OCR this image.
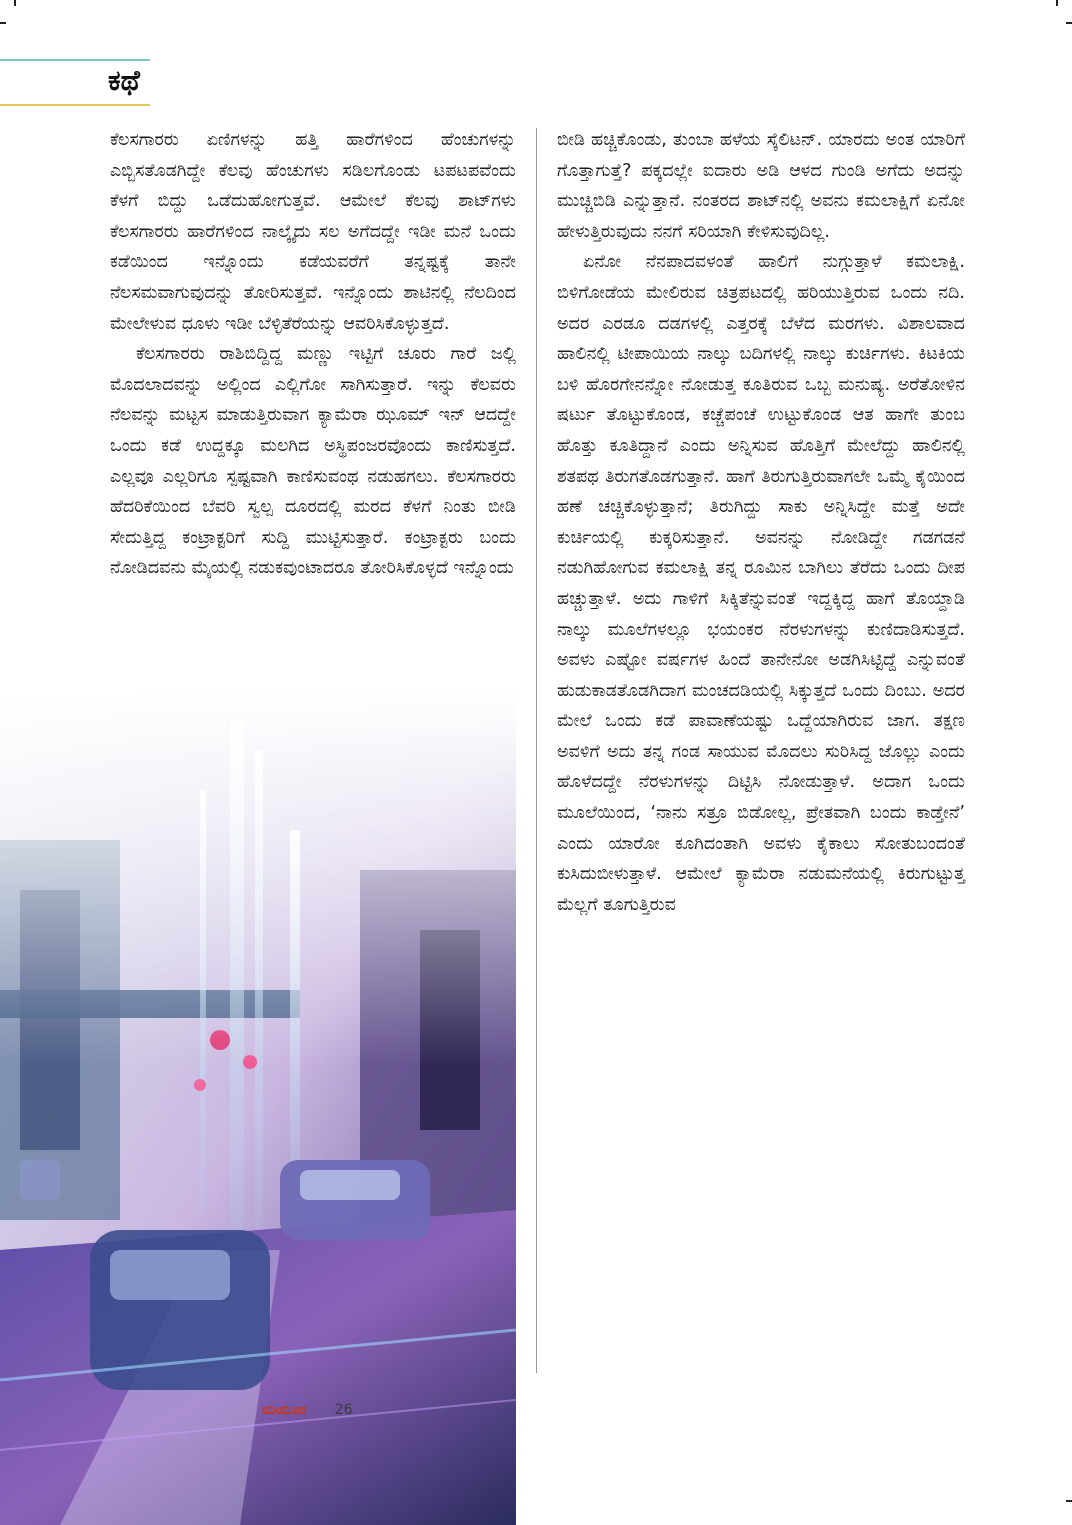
ಕಥೆ

ಕೆಲಸಗಾರರು ಏಣಿಗಳನ್ನು ಹತ್ತಿ ಹಾರೆಗಳಿಂದ ಹೆಂಚುಗಳನ್ನು ಎಬ್ಬಿಸತೊಡಗಿದ್ದೇ ಕೆಲವು ಹೆಂಚುಗಳು ಸಡಿಲಗೊಂಡು ಟಪಟಪವೆಂದು ಕೆಳಗೆ ಬಿದ್ದು ಒಡೆದುಹೋಗುತ್ತವೆ. ಆಮೇಲೆ ಕೆಲವು ಶಾಟ್‌ಗಳು ಕೆಲಸಗಾರರು ಹಾರೆಗಳಿಂದ ನಾಲ್ಕೈದು ಸಲ ಅಗೆದದ್ದೇ ಇಡೀ ಮನೆ ಒಂದು ಕಡೆಯಿಂದ ಇನ್ನೊಂದು ಕಡೆಯವರೆಗೆ ತನ್ನಷ್ಟಕ್ಕೆ ತಾನೇ ನೆಲಸಮವಾಗುವುದನ್ನು ತೋರಿಸುತ್ತವೆ. ಇನ್ನೊಂದು ಶಾಟಿನಲ್ಲಿ ನೆಲದಿಂದ ಮೇಲೇಳುವ ಧೂಳು ಇಡೀ ಬೆಳ್ಳಿತೆರೆಯನ್ನು ಆವರಿಸಿಕೊಳ್ಳುತ್ತದೆ.

ಕೆಲಸಗಾರರು ರಾಶಿಬಿದ್ದಿದ್ದ ಮಣ್ಣು ಇಟ್ಟಿಗೆ ಚೂರು ಗಾರೆ ಜಲ್ಲಿ ಮೊದಲಾದವನ್ನು ಅಲ್ಲಿಂದ ಎಲ್ಲಿಗೋ ಸಾಗಿಸುತ್ತಾರೆ. ಇನ್ನು ಕೆಲವರು ನೆಲವನ್ನು ಮಟ್ಟಸ ಮಾಡುತ್ತಿರುವಾಗ ಕ್ಯಾಮೆರಾ ಝೂಮ್ ಇನ್ ಆದದ್ದೇ ಒಂದು ಕಡೆ ಉದ್ದಕ್ಕೂ ಮಲಗಿದ ಅಸ್ಥಿಪಂಜರವೊಂದು ಕಾಣಿಸುತ್ತದೆ. ಎಲ್ಲವೂ ಎಲ್ಲರಿಗೂ ಸ್ಪಷ್ಟವಾಗಿ ಕಾಣಿಸುವಂಥ ನಡುಹಗಲು. ಕೆಲಸಗಾರರು ಹೆದರಿಕೆಯಿಂದ ಬೆವರಿ ಸ್ವಲ್ಪ ದೂರದಲ್ಲಿ ಮರದ ಕೆಳಗೆ ನಿಂತು ಬೀಡಿ ಸೇದುತ್ತಿದ್ದ ಕಂಟ್ರಾಕ್ಟರಿಗೆ ಸುದ್ದಿ ಮುಟ್ಟಿಸುತ್ತಾರೆ. ಕಂಟ್ರಾಕ್ಟರು ಬಂದು ನೋಡಿದವನು ಮೈಯಲ್ಲಿ ನಡುಕವುಂಟಾದರೂ ತೋರಿಸಿಕೊಳ್ಳದೆ ಇನ್ನೊಂದು

ಬೀಡಿ ಹಚ್ಚಿಕೊಂಡು, ತುಂಬಾ ಹಳೆಯ ಸ್ಕೆಲಿಟನ್. ಯಾರದು ಅಂತ ಯಾರಿಗೆ ಗೊತ್ತಾಗುತ್ತೆ? ಪಕ್ಕದಲ್ಲೇ ಐದಾರು ಅಡಿ ಆಳದ ಗುಂಡಿ ಅಗೆದು ಅದನ್ನು ಮುಚ್ಚಿಬಿಡಿ ಎನ್ನುತ್ತಾನೆ. ನಂತರದ ಶಾಟ್‌ನಲ್ಲಿ ಅವನು ಕಮಲಾಕ್ಷಿಗೆ ಏನೋ ಹೇಳುತ್ತಿರುವುದು ನನಗೆ ಸರಿಯಾಗಿ ಕೇಳಿಸುವುದಿಲ್ಲ.

ಏನೋ ನೆನಪಾದವಳಂತೆ ಹಾಲಿಗೆ ನುಗ್ಗುತ್ತಾಳೆ ಕಮಲಾಕ್ಷಿ. ಬಿಳಿಗೋಡೆಯ ಮೇಲಿರುವ ಚಿತ್ರಪಟದಲ್ಲಿ ಹರಿಯುತ್ತಿರುವ ಒಂದು ನದಿ. ಅದರ ಎರಡೂ ದಡಗಳಲ್ಲಿ ಎತ್ತರಕ್ಕೆ ಬೆಳೆದ ಮರಗಳು. ವಿಶಾಲವಾದ ಹಾಲಿನಲ್ಲಿ ಟೀಪಾಯಿಯ ನಾಲ್ಕು ಬದಿಗಳಲ್ಲಿ ನಾಲ್ಕು ಕುರ್ಚಿಗಳು. ಕಿಟಕಿಯ ಬಳಿ ಹೊರಗೇನನ್ನೋ ನೋಡುತ್ತ ಕೂತಿರುವ ಒಬ್ಬ ಮನುಷ್ಯ. ಅರೆತೋಳಿನ ಷರ್ಟು ತೊಟ್ಟುಕೊಂಡ, ಕಚ್ಚೆಪಂಚೆ ಉಟ್ಟುಕೊಂಡ ಆತ ಹಾಗೇ ತುಂಬ ಹೊತ್ತು ಕೂತಿದ್ದಾನೆ ಎಂದು ಅನ್ನಿಸುವ ಹೊತ್ತಿಗೆ ಮೇಲೆದ್ದು ಹಾಲಿನಲ್ಲಿ ಶತಪಥ ತಿರುಗತೊಡಗುತ್ತಾನೆ. ಹಾಗೆ ತಿರುಗುತ್ತಿರುವಾಗಲೇ ಒಮ್ಮೆ ಕೈಯಿಂದ ಹಣೆ ಚಚ್ಚಿಕೊಳ್ಳುತ್ತಾನೆ; ತಿರುಗಿದ್ದು ಸಾಕು ಅನ್ನಿಸಿದ್ದೇ ಮತ್ತೆ ಅದೇ ಕುರ್ಚಿಯಲ್ಲಿ ಕುಕ್ಕರಿಸುತ್ತಾನೆ. ಅವನನ್ನು ನೋಡಿದ್ದೇ ಗಡಗಡನೆ ನಡುಗಿಹೋಗುವ ಕಮಲಾಕ್ಷಿ ತನ್ನ ರೂಮಿನ ಬಾಗಿಲು ತೆರೆದು ಒಂದು ದೀಪ ಹಚ್ಚುತ್ತಾಳೆ. ಅದು ಗಾಳಿಗೆ ಸಿಕ್ಕಿತೆನ್ನುವಂತೆ ಇದ್ದಕ್ಕಿದ್ದ ಹಾಗೆ ತೊಯ್ದಾಡಿ ನಾಲ್ಕು ಮೂಲೆಗಳಲ್ಲೂ ಭಯಂಕರ ನೆರಳುಗಳನ್ನು ಕುಣಿದಾಡಿಸುತ್ತದೆ. ಅವಳು ಎಷ್ಟೋ ವರ್ಷಗಳ ಹಿಂದೆ ತಾನೇನೋ ಅಡಗಿಸಿಟ್ಟಿದ್ದೆ ಎನ್ನುವಂತೆ ಹುಡುಕಾಡತೊಡಗಿದಾಗ ಮಂಚದಡಿಯಲ್ಲಿ ಸಿಕ್ಕುತ್ತದೆ ಒಂದು ದಿಂಬು. ಅದರ ಮೇಲೆ ಒಂದು ಕಡೆ ಪಾವಾಣೆಯಷ್ಟು ಒದ್ದೆಯಾಗಿರುವ ಜಾಗ. ತಕ್ಷಣ ಅವಳಿಗೆ ಅದು ತನ್ನ ಗಂಡ ಸಾಯುವ ಮೊದಲು ಸುರಿಸಿದ್ದ ಜೊಲ್ಲು ಎಂದು ಹೊಳೆದದ್ದೇ ನೆರಳುಗಳನ್ನು ದಿಟ್ಟಿಸಿ ನೋಡುತ್ತಾಳೆ. ಅದಾಗ ಒಂದು ಮೂಲೆಯಿಂದ, ‘ನಾನು ಸತ್ರೂ ಬಿಡೋಲ್ಲ, ಪ್ರೇತವಾಗಿ ಬಂದು ಕಾಡ್ತೇನೆ’ ಎಂದು ಯಾರೋ ಕೂಗಿದಂತಾಗಿ ಅವಳು ಕೈಕಾಲು ಸೋತುಬಂದಂತೆ ಕುಸಿದುಬೀಳುತ್ತಾಳೆ. ಆಮೇಲೆ ಕ್ಯಾಮೆರಾ ನಡುಮನೆಯಲ್ಲಿ ಕಿರುಗುಟ್ಟುತ್ತ ಮೆಲ್ಲಗೆ ತೂಗುತ್ತಿರುವ

ಮಯೂರ 26
